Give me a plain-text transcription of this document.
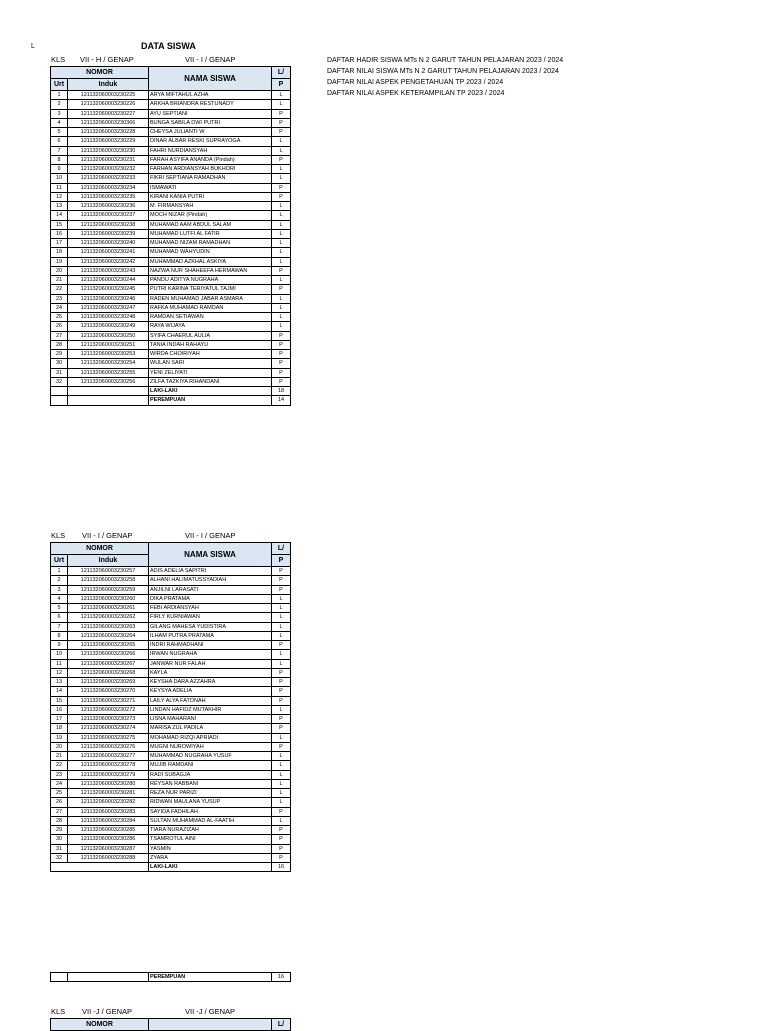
L	DATA SISWA
DAFTAR HADIR SISWA MTs N 2 GARUT TAHUN PELAJARAN 2023 / 2024
DAFTAR NILAI SISWA MTs N 2 GARUT TAHUN PELAJARAN 2023 / 2024
DAFTAR NILAI ASPEK PENGETAHUAN TP 2023 / 2024
DAFTAR NILAI ASPEK KETERAMPILAN TP 2023 / 2024
KLS VII - H / GENAP	VII - I / GENAP
NOMOR		NAMA SISWA	L/
Urt	Induk		P
1	121132060003230225	ARYA MIFTAHUL AZHA	L
2	121132060003230226	ARKHA BRIANDRA RESTUNADY	L
3	121132060003230227	AYU SEPTIANI	P
4	121132060003230366	BUNGA SABILA DWI PUTRI	P
5	121132060003230228	CHEYSA JULIANTI W	P
6	121132060003230229	DINAR ALBAR RESKI SUPRAYOGA	L
7	121132060003230230	FAHRI NURDIANSYAH	L
8	121132060003230231	FARAH ASYIFA ANANDA (Pindah)	P
9	121132060003230232	FARHAN ARDIANSYAH BUKHORI	L
10	121132060003230233	FIKRI SEPTIANA RAMADHAN	L
11	121132060003230234	ISMAWATI	P
12	121132060003230235	KIRANI KANIA PUTRI	P
13	121132060003230236	M. FIRMANSYAH	L
14	121132060003230237	MOCH NIZAR (Pindah)	L
15	121132060003230238	MUHAMAD AAM ABDUL SALAM	L
16	121132060003230239	MUHAMAD LUTFI AL FATIR	L
17	121132060003230240	MUHAMAD NIZAM RAMADHAN	L
18	121132060003230241	MUHAMAD WAHYUDIN	L
19	121132060003230242	MUHAMMAD AZKHAL ASKIYA	L
20	121132060003230243	NAZWA NUR SHAHEEFA HERMAWAN	P
21	121132060003230244	PANDU ADITYA NUGRAHA	L
22	121132060003230245	PUTRI KARINA TERIYATUL TAJMI	P
23	121132060003230246	RADEN MUHAMAD JABAR ASMARA	L
24	121132060003230247	RAFKA MUHAMAD RAMDAN	L
25	121132060003230248	RAMDAN SETIAWAN	L
26	121132060003230249	RAYA WIJAYA	L
27	121132060003230250	SYIFA CHAERUL AULIA	P
28	121132060003230251	TANIA INDAH RAHAYU	P
29	121132060003230253	WIRDA CHOIRIYAH	P
30	121132060003230254	WULAN SARI	P
31	121132060003230255	YENI ZELIYATI	P
32	121132060003230256	ZILFA TAZKIYA RIHANDANI	P
		LAKI-LAKI	18
		PEREMPUAN	14
KLS VII - I / GENAP	VII - I / GENAP
NOMOR		NAMA SISWA	L/
Urt	Induk		P
1	121132060003230257	ADIS ADELIA SAPITRI	P
2	121132060003230258	ALHANI HALIMATUSSYADIAH	P
3	121132060003230259	ANJILNI LARASATI	P
4	121132060003230260	DIKA PRATAMA	L
5	121132060003230261	FEBI ARDIANSYAH	L
6	121132060003230262	FIRLY KURNIAWAN	L
7	121132060003230263	GILANG MAHESA YUDISTIRA	L
8	121132060003230264	ILHAM PUTRA PRATAMA	L
9	121132060003230265	INDRI RAHMADHANI	P
10	121132060003230266	IRWAN NUGRAHA	L
11	121132060003230267	JANWAR NUR FALAH	L
12	121132060003230268	KAYLA	P
13	121132060003230269	KEYSHA DARA AZZAHRA	P
14	121132060003230270	KEYSYA ADELIA	P
15	121132060003230271	LAILY ALYA FATONAH	P
16	121132060003230272	LINDAN HAFIDZ MUTAKHIR	L
17	121132060003230273	LISNA MAHARANI	P
18	121132060003230274	MARISA ZUL PADILA	P
19	121132060003230275	MOHAMAD RIZQI APRIADI	L
20	121132060003230276	MUGNI NUROWIYAH	P
21	121132060003230277	MUHAMMAD NUGRAHA YUSUF	L
22	121132060003230278	MUJIB RAMDANI	L
23	121132060003230279	RADI SUBAGJA	L
24	121132060003230280	REYSAN RABBANI	L
25	121132060003230281	REZA NUR PARIZI	L
26	121132060003230282	RIDWAN MAULANA YUSUP	L
27	121132060003230283	SAYIDA FADHILAH	P
28	121132060003230284	SULTAN MUHAMMAD AL-FAATIH	L
29	121132060003230285	TIARA NURAZIZAH	P
30	121132060003230286	TSAMROTUL AINI	P
31	121132060003230287	YASMIN	P
32	121132060003230288	ZYARA	P
		LAKI-LAKI	16
		PEREMPUAN	16
KLS VII -J / GENAP	VII -J / GENAP
NOMOR		L/
